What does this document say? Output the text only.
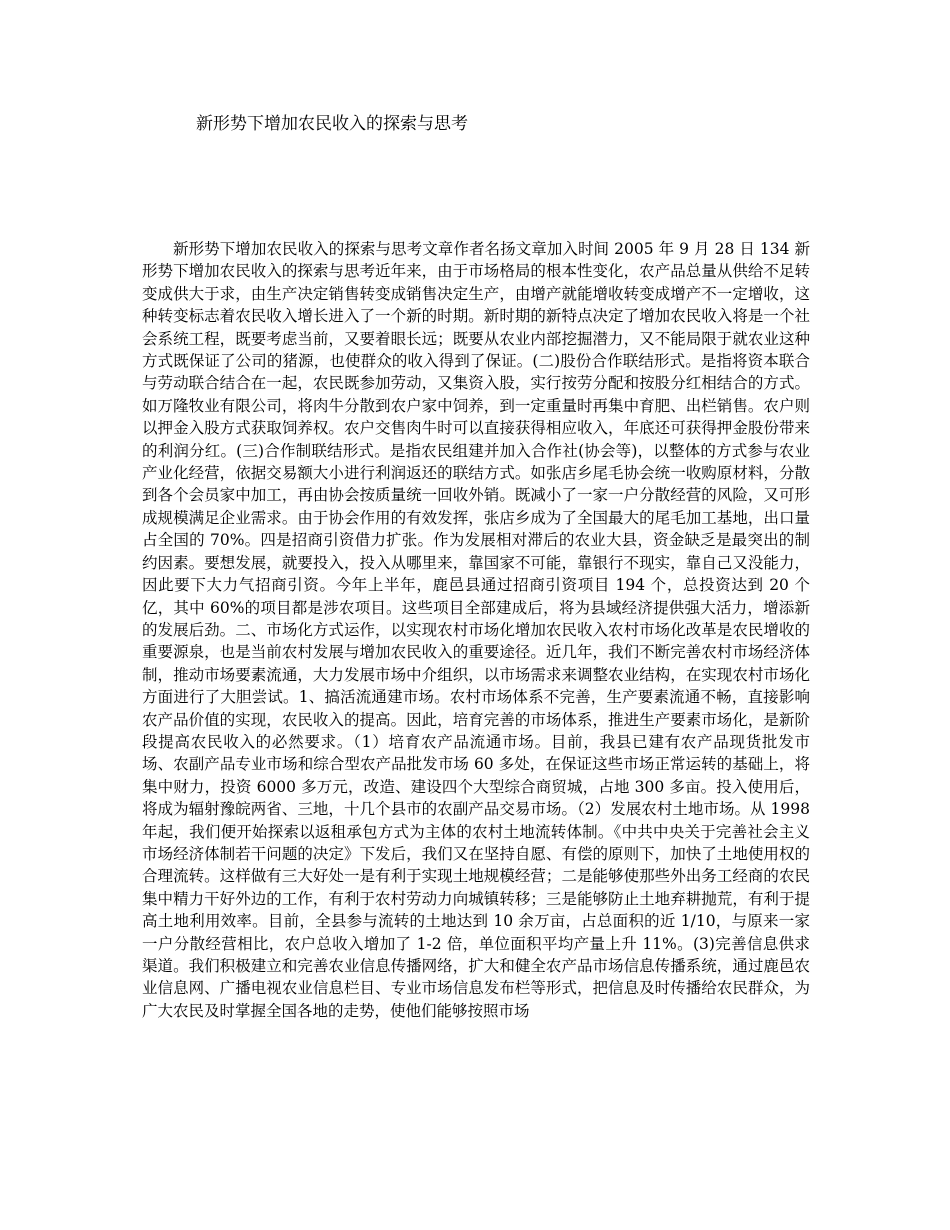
新形势下增加农民收入的探索与思考

新形势下增加农民收入的探索与思考文章作者名扬文章加入时间 2005 年 9 月 28 日 134 新形势下增加农民收入的探索与思考近年来，由于市场格局的根本性变化，农产品总量从供给不足转变成供大于求，由生产决定销售转变成销售决定生产，由增产就能增收转变成增产不一定增收，这种转变标志着农民收入增长进入了一个新的时期。新时期的新特点决定了增加农民收入将是一个社会系统工程，既要考虑当前，又要着眼长远；既要从农业内部挖掘潜力，又不能局限于就农业这种方式既保证了公司的猪源，也使群众的收入得到了保证。(二)股份合作联结形式。是指将资本联合与劳动联合结合在一起，农民既参加劳动，又集资入股，实行按劳分配和按股分红相结合的方式。如万隆牧业有限公司，将肉牛分散到农户家中饲养，到一定重量时再集中育肥、出栏销售。农户则以押金入股方式获取饲养权。农户交售肉牛时可以直接获得相应收入，年底还可获得押金股份带来的利润分红。(三)合作制联结形式。是指农民组建并加入合作社(协会等)，以整体的方式参与农业产业化经营，依据交易额大小进行利润返还的联结方式。如张店乡尾毛协会统一收购原材料，分散到各个会员家中加工，再由协会按质量统一回收外销。既减小了一家一户分散经营的风险，又可形成规模满足企业需求。由于协会作用的有效发挥，张店乡成为了全国最大的尾毛加工基地，出口量占全国的 70%。四是招商引资借力扩张。作为发展相对滞后的农业大县，资金缺乏是最突出的制约因素。要想发展，就要投入，投入从哪里来，靠国家不可能，靠银行不现实，靠自己又没能力，因此要下大力气招商引资。今年上半年，鹿邑县通过招商引资项目 194 个，总投资达到 20 个亿，其中 60%的项目都是涉农项目。这些项目全部建成后，将为县域经济提供强大活力，增添新的发展后劲。二、市场化方式运作，以实现农村市场化增加农民收入农村市场化改革是农民增收的重要源泉，也是当前农村发展与增加农民收入的重要途径。近几年，我们不断完善农村市场经济体制，推动市场要素流通，大力发展市场中介组织，以市场需求来调整农业结构，在实现农村市场化方面进行了大胆尝试。1、搞活流通建市场。农村市场体系不完善，生产要素流通不畅，直接影响农产品价值的实现，农民收入的提高。因此，培育完善的市场体系，推进生产要素市场化，是新阶段提高农民收入的必然要求。（1）培育农产品流通市场。目前，我县已建有农产品现货批发市场、农副产品专业市场和综合型农产品批发市场 60 多处，在保证这些市场正常运转的基础上，将集中财力，投资 6000 多万元，改造、建设四个大型综合商贸城，占地 300 多亩。投入使用后，将成为辐射豫皖两省、三地，十几个县市的农副产品交易市场。（2）发展农村土地市场。从 1998 年起，我们便开始探索以返租承包方式为主体的农村土地流转体制。《中共中央关于完善社会主义市场经济体制若干问题的决定》下发后，我们又在坚持自愿、有偿的原则下，加快了土地使用权的合理流转。这样做有三大好处一是有利于实现土地规模经营；二是能够使那些外出务工经商的农民集中精力干好外边的工作，有利于农村劳动力向城镇转移；三是能够防止土地弃耕抛荒，有利于提高土地利用效率。目前，全县参与流转的土地达到 10 余万亩，占总面积的近 1/10，与原来一家一户分散经营相比，农户总收入增加了 1-2 倍，单位面积平均产量上升 11%。(3)完善信息供求渠道。我们积极建立和完善农业信息传播网络，扩大和健全农产品市场信息传播系统，通过鹿邑农业信息网、广播电视农业信息栏目、专业市场信息发布栏等形式，把信息及时传播给农民群众，为广大农民及时掌握全国各地的走势，使他们能够按照市场
